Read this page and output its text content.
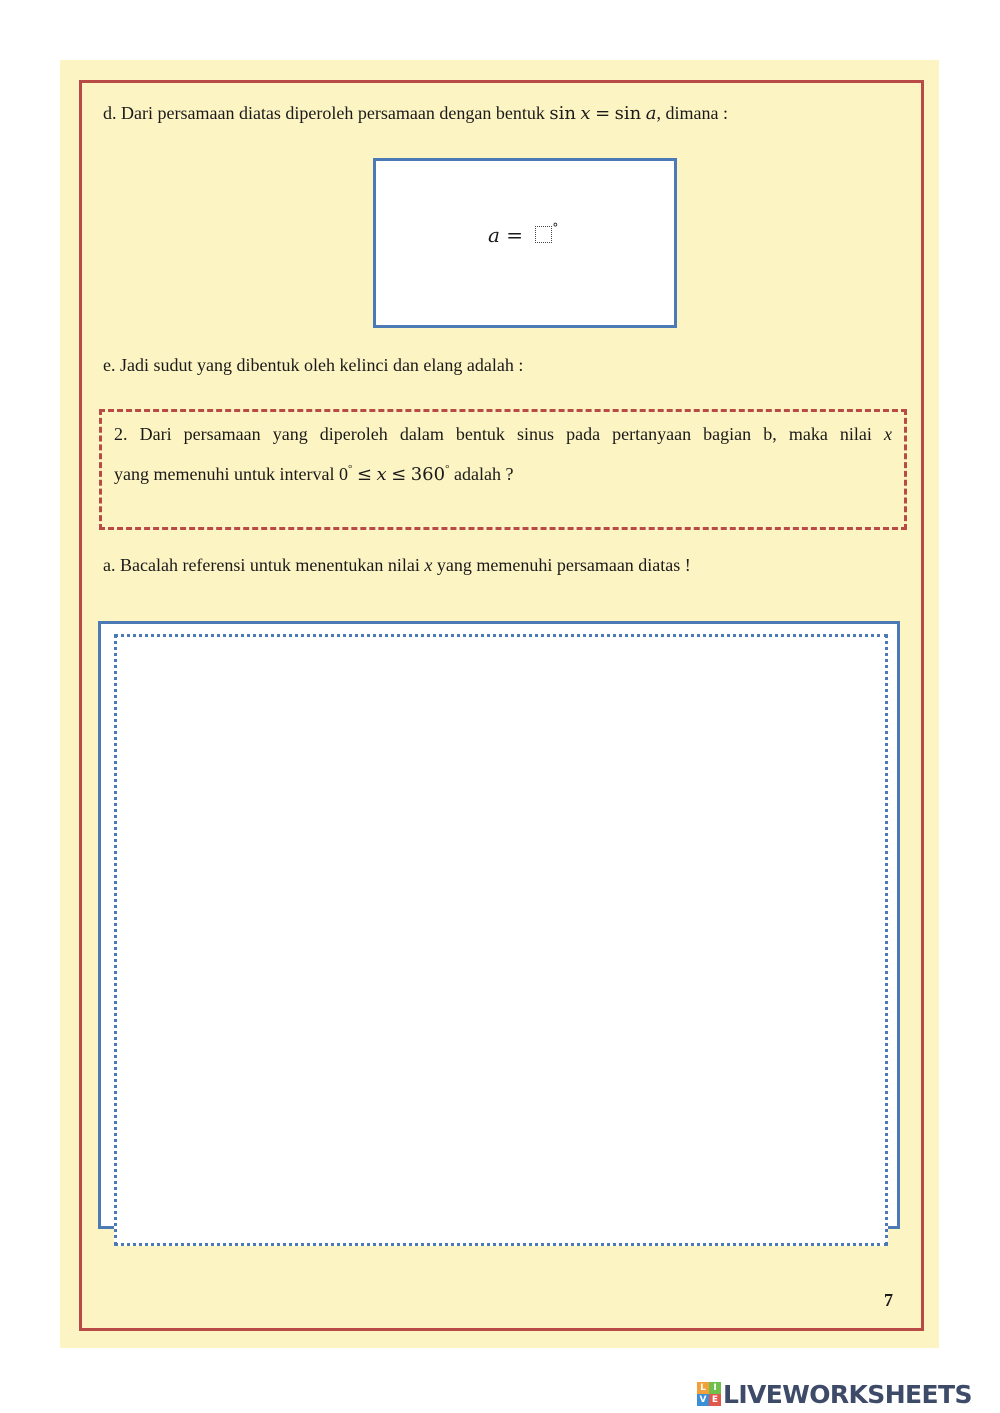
d. Dari persamaan diatas diperoleh persamaan dengan bentuk sin x = sin a, dimana :
a = °
e. Jadi sudut yang dibentuk oleh kelinci dan elang adalah :
2. Dari persamaan yang diperoleh dalam bentuk sinus pada pertanyaan bagian b, maka nilai x
yang memenuhi untuk interval 0° ≤ x ≤ 360° adalah ?
a. Bacalah referensi untuk menentukan nilai x yang memenuhi persamaan diatas !
7
L I
V E LIVEWORKSHEETS
